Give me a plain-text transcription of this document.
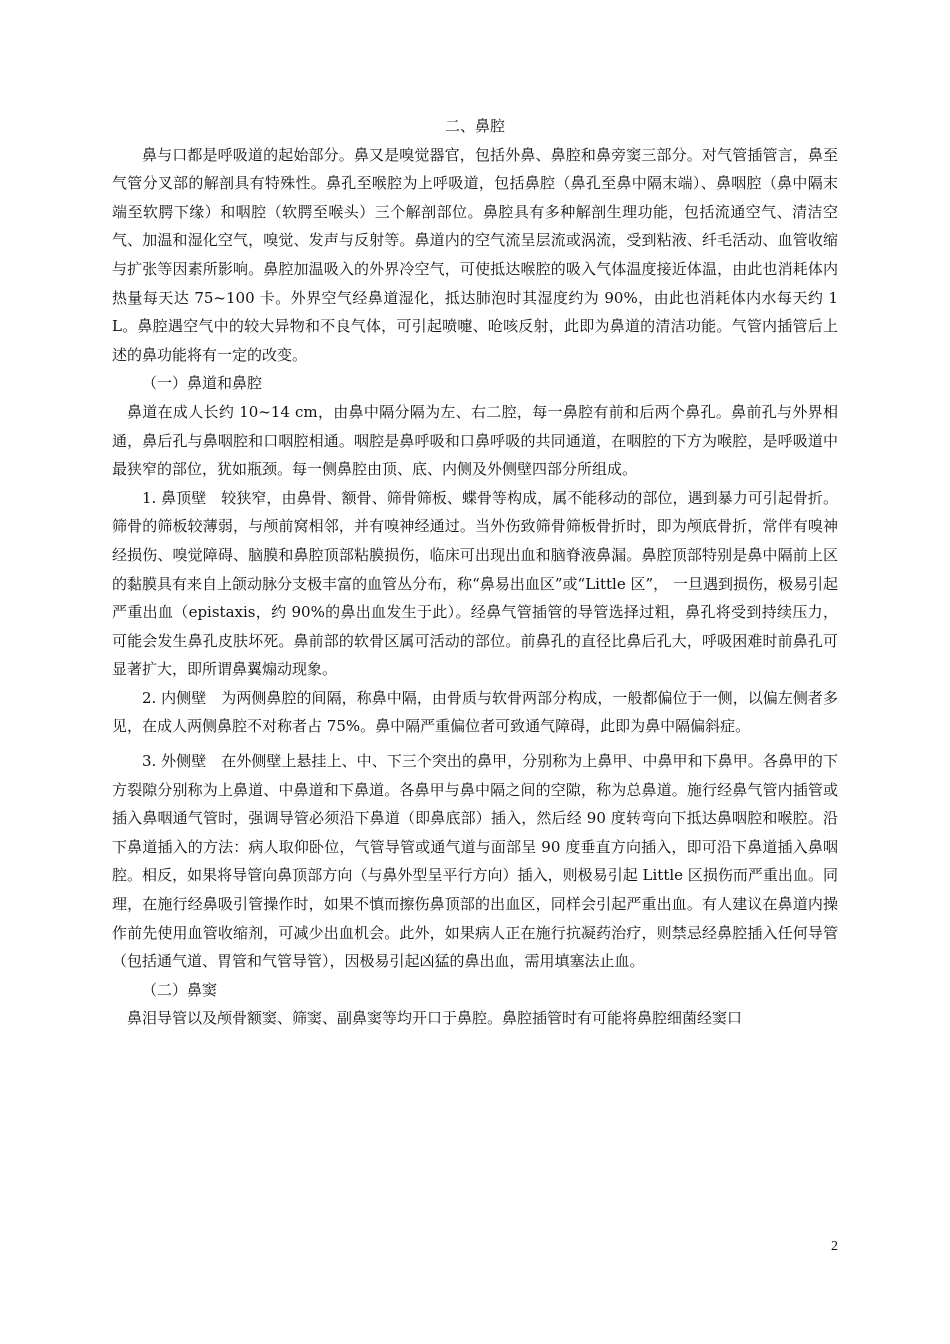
二、鼻腔

鼻与口都是呼吸道的起始部分。鼻又是嗅觉器官，包括外鼻、鼻腔和鼻旁窦三部分。对气管插管言，鼻至气管分叉部的解剖具有特殊性。鼻孔至喉腔为上呼吸道，包括鼻腔（鼻孔至鼻中隔末端）、鼻咽腔（鼻中隔末端至软腭下缘）和咽腔（软腭至喉头）三个解剖部位。鼻腔具有多种解剖生理功能，包括流通空气、清洁空气、加温和湿化空气，嗅觉、发声与反射等。鼻道内的空气流呈层流或涡流，受到粘液、纤毛活动、血管收缩与扩张等因素所影响。鼻腔加温吸入的外界冷空气，可使抵达喉腔的吸入气体温度接近体温，由此也消耗体内热量每天达 75~100 卡。外界空气经鼻道湿化，抵达肺泡时其湿度约为 90%，由此也消耗体内水每天约 1 L。鼻腔遇空气中的较大异物和不良气体，可引起喷嚏、呛咳反射，此即为鼻道的清洁功能。气管内插管后上述的鼻功能将有一定的改变。

（一）鼻道和鼻腔

鼻道在成人长约 10~14 cm，由鼻中隔分隔为左、右二腔，每一鼻腔有前和后两个鼻孔。鼻前孔与外界相通，鼻后孔与鼻咽腔和口咽腔相通。咽腔是鼻呼吸和口鼻呼吸的共同通道，在咽腔的下方为喉腔，是呼吸道中最狭窄的部位，犹如瓶颈。每一侧鼻腔由顶、底、内侧及外侧壁四部分所组成。

1. 鼻顶壁  较狭窄，由鼻骨、额骨、筛骨筛板、蝶骨等构成，属不能移动的部位，遇到暴力可引起骨折。筛骨的筛板较薄弱，与颅前窝相邻，并有嗅神经通过。当外伤致筛骨筛板骨折时，即为颅底骨折，常伴有嗅神经损伤、嗅觉障碍、脑膜和鼻腔顶部粘膜损伤，临床可出现出血和脑脊液鼻漏。鼻腔顶部特别是鼻中隔前上区的黏膜具有来自上颌动脉分支极丰富的血管丛分布，称“鼻易出血区”或“Little 区”， 一旦遇到损伤，极易引起严重出血（epistaxis，约 90%的鼻出血发生于此）。经鼻气管插管的导管选择过粗，鼻孔将受到持续压力，可能会发生鼻孔皮肤坏死。鼻前部的软骨区属可活动的部位。前鼻孔的直径比鼻后孔大，呼吸困难时前鼻孔可显著扩大，即所谓鼻翼煽动现象。

2. 内侧壁  为两侧鼻腔的间隔，称鼻中隔，由骨质与软骨两部分构成，一般都偏位于一侧，以偏左侧者多见，在成人两侧鼻腔不对称者占 75%。鼻中隔严重偏位者可致通气障碍，此即为鼻中隔偏斜症。

3. 外侧壁  在外侧壁上悬挂上、中、下三个突出的鼻甲，分别称为上鼻甲、中鼻甲和下鼻甲。各鼻甲的下方裂隙分别称为上鼻道、中鼻道和下鼻道。各鼻甲与鼻中隔之间的空隙，称为总鼻道。施行经鼻气管内插管或插入鼻咽通气管时，强调导管必须沿下鼻道（即鼻底部）插入，然后经 90 度转弯向下抵达鼻咽腔和喉腔。沿下鼻道插入的方法：病人取仰卧位，气管导管或通气道与面部呈 90 度垂直方向插入，即可沿下鼻道插入鼻咽腔。相反，如果将导管向鼻顶部方向（与鼻外型呈平行方向）插入，则极易引起 Little 区损伤而严重出血。同理，在施行经鼻吸引管操作时，如果不慎而擦伤鼻顶部的出血区，同样会引起严重出血。有人建议在鼻道内操作前先使用血管收缩剂，可减少出血机会。此外，如果病人正在施行抗凝药治疗，则禁忌经鼻腔插入任何导管（包括通气道、胃管和气管导管），因极易引起凶猛的鼻出血，需用填塞法止血。

（二）鼻窦

鼻泪导管以及颅骨额窦、筛窦、副鼻窦等均开口于鼻腔。鼻腔插管时有可能将鼻腔细菌经窦口

2
